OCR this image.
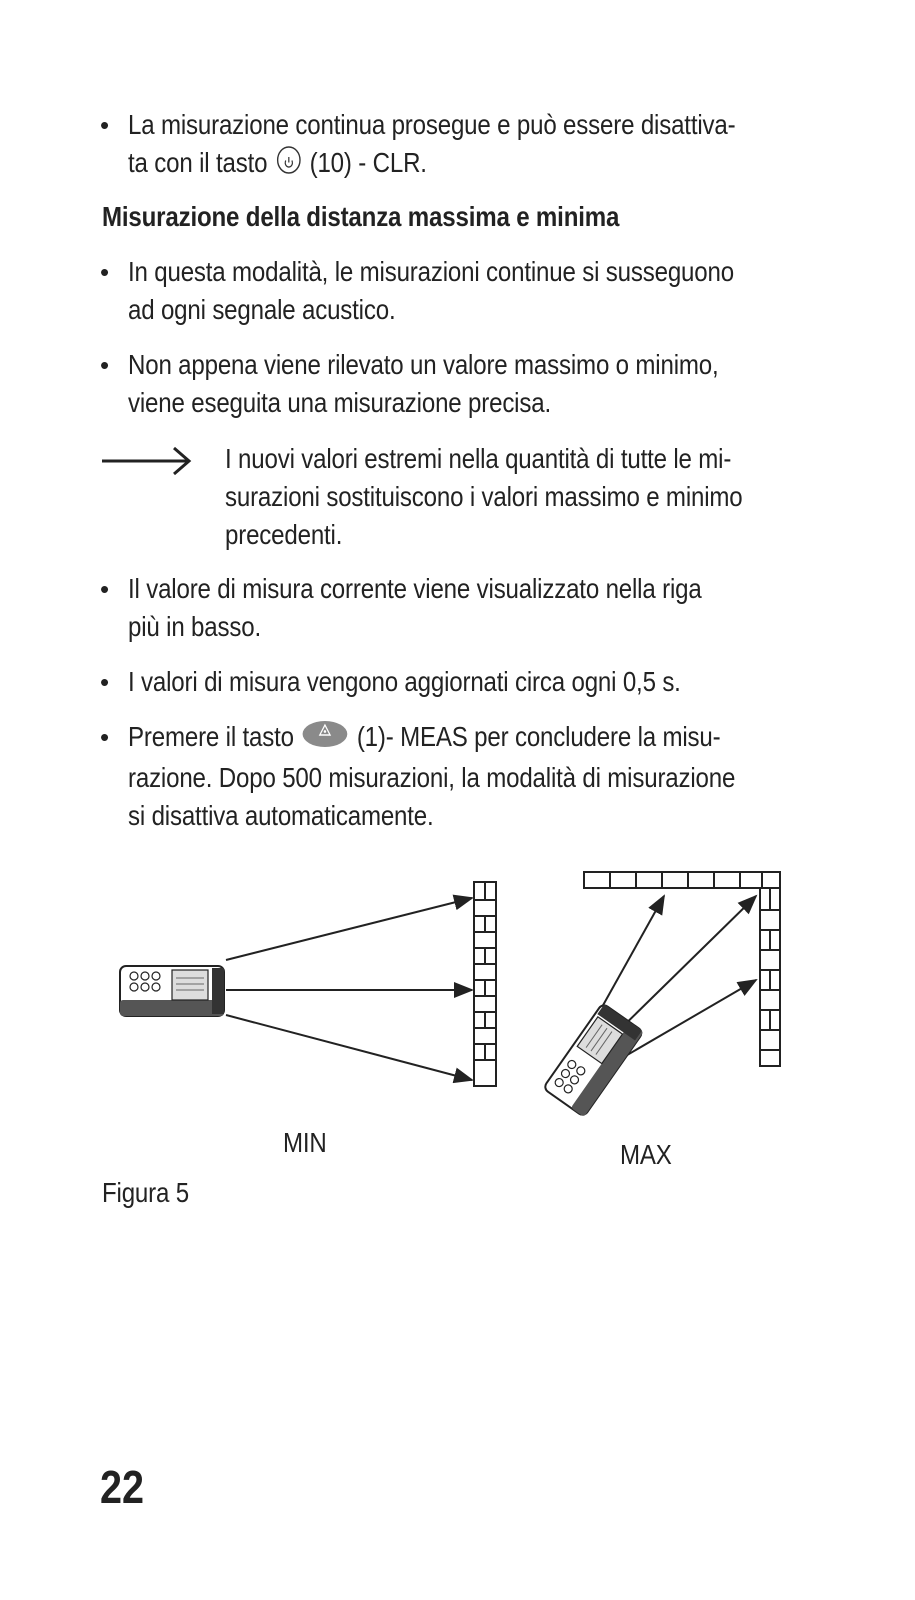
• La misurazione continua prosegue e può essere disattiva-
ta con il tasto (10) - CLR.
Misurazione della distanza massima e minima
• In questa modalità, le misurazioni continue si susseguono
ad ogni segnale acustico.
• Non appena viene rilevato un valore massimo o minimo,
viene eseguita una misurazione precisa.
I nuovi valori estremi nella quantità di tutte le mi-
surazioni sostituiscono i valori massimo e minimo
precedenti.
• Il valore di misura corrente viene visualizzato nella riga
più in basso.
• I valori di misura vengono aggiornati circa ogni 0,5 s.
• Premere il tasto (1)- MEAS per concludere la misu-
razione. Dopo 500 misurazioni, la modalità di misurazione
si disattiva automaticamente.
MIN	MAX
Figura 5
22
